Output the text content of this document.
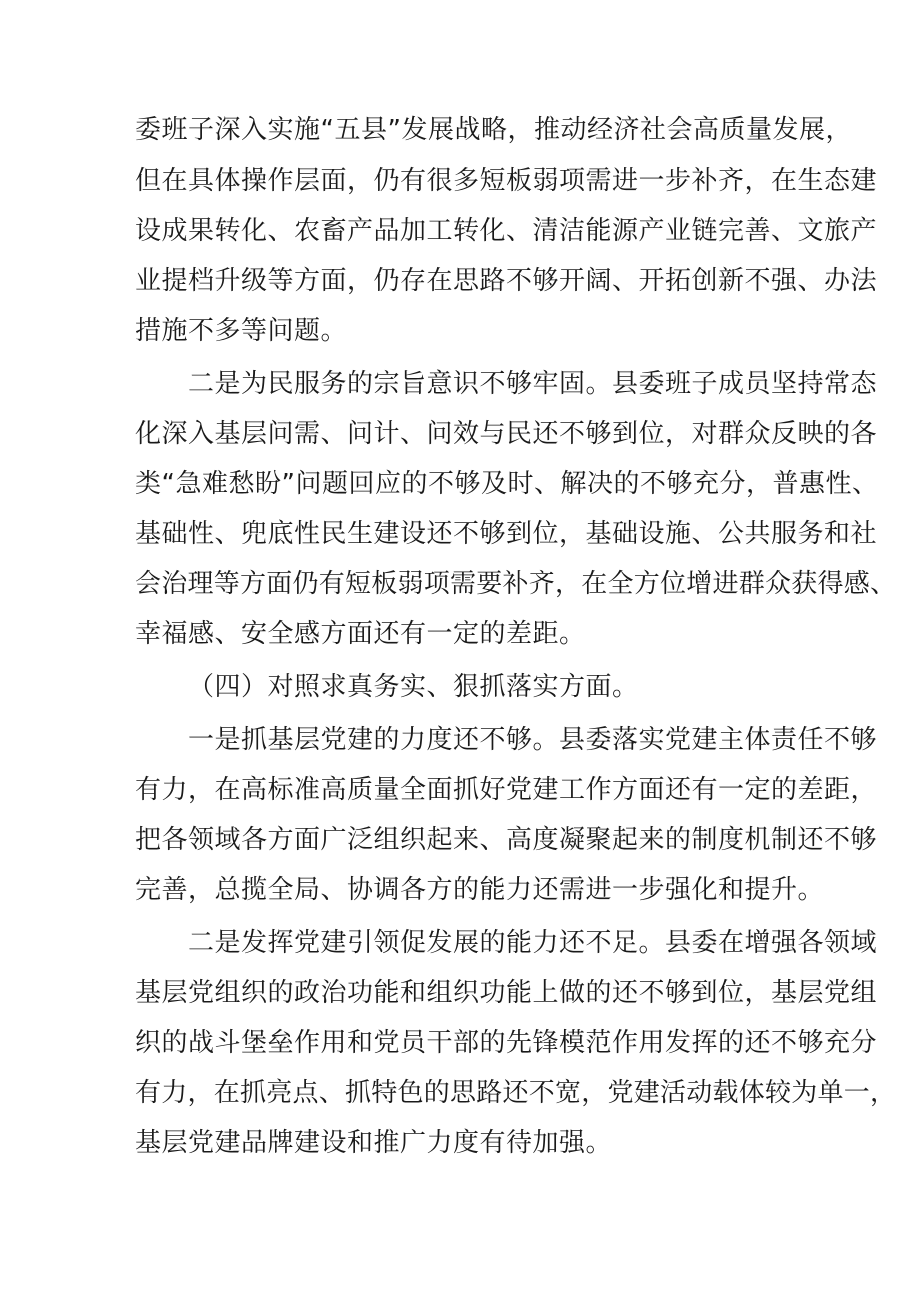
委班子深入实施“五县”发展战略，推动经济社会高质量发展，
但在具体操作层面，仍有很多短板弱项需进一步补齐，在生态建
设成果转化、农畜产品加工转化、清洁能源产业链完善、文旅产
业提档升级等方面，仍存在思路不够开阔、开拓创新不强、办法
措施不多等问题。
二是为民服务的宗旨意识不够牢固。县委班子成员坚持常态
化深入基层问需、问计、问效与民还不够到位，对群众反映的各
类“急难愁盼”问题回应的不够及时、解决的不够充分，普惠性、
基础性、兜底性民生建设还不够到位，基础设施、公共服务和社
会治理等方面仍有短板弱项需要补齐，在全方位增进群众获得感、
幸福感、安全感方面还有一定的差距。
（四）对照求真务实、狠抓落实方面。
一是抓基层党建的力度还不够。县委落实党建主体责任不够
有力，在高标准高质量全面抓好党建工作方面还有一定的差距，
把各领域各方面广泛组织起来、高度凝聚起来的制度机制还不够
完善，总揽全局、协调各方的能力还需进一步强化和提升。
二是发挥党建引领促发展的能力还不足。县委在增强各领域
基层党组织的政治功能和组织功能上做的还不够到位，基层党组
织的战斗堡垒作用和党员干部的先锋模范作用发挥的还不够充分
有力，在抓亮点、抓特色的思路还不宽，党建活动载体较为单一，
基层党建品牌建设和推广力度有待加强。
